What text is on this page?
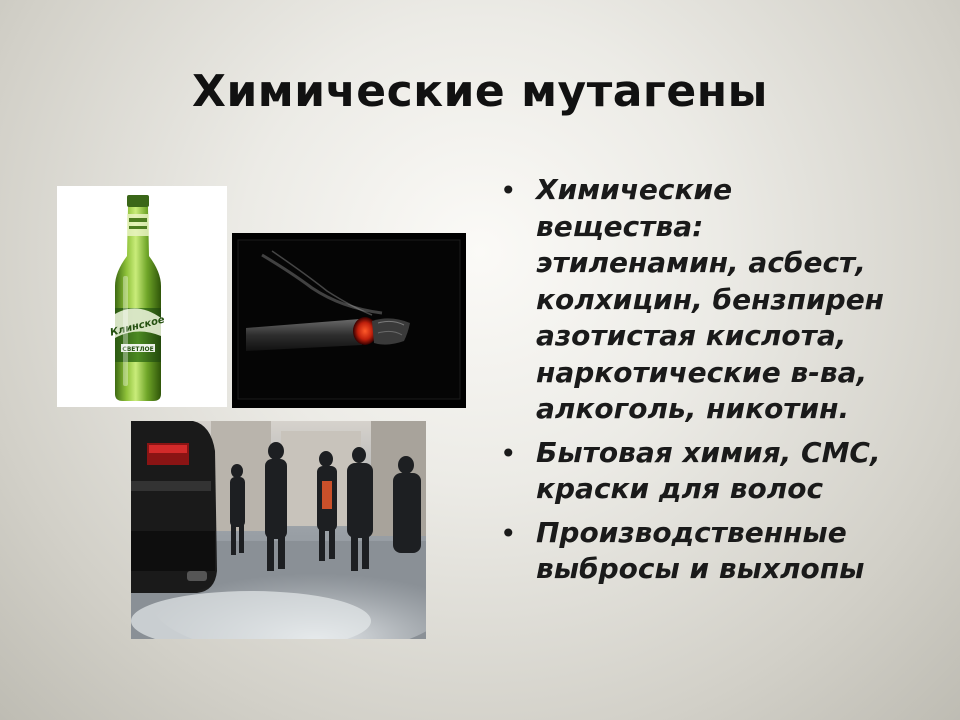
Химические мутагены
Клинское
СВЕТЛОЕ
• Химические
вещества:
этиленамин, асбест,
колхицин, бензпирен
азотистая кислота,
наркотические в-ва,
алкоголь, никотин.
• Бытовая химия, СМС,
краски для волос
• Производственные
выбросы и выхлопы
